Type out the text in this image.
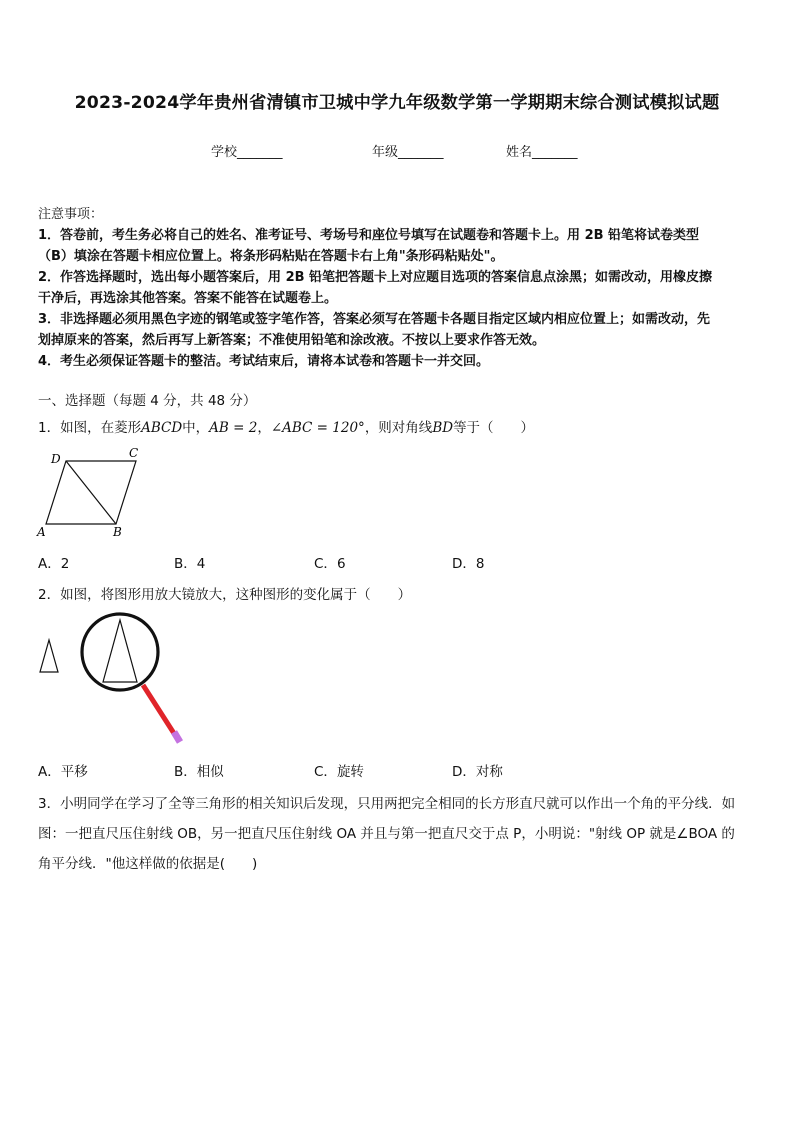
2023-2024学年贵州省清镇市卫城中学九年级数学第一学期期末综合测试模拟试题
学校_______	年级_______	姓名_______
注意事项：
1．答卷前，考生务必将自己的姓名、准考证号、考场号和座位号填写在试题卷和答题卡上。用 2B 铅笔将试卷类型
（B）填涂在答题卡相应位置上。将条形码粘贴在答题卡右上角"条形码粘贴处"。
2．作答选择题时，选出每小题答案后，用 2B 铅笔把答题卡上对应题目选项的答案信息点涂黑；如需改动，用橡皮擦
干净后，再选涂其他答案。答案不能答在试题卷上。
3．非选择题必须用黑色字迹的钢笔或签字笔作答，答案必须写在答题卡各题目指定区域内相应位置上；如需改动，先
划掉原来的答案，然后再写上新答案；不准使用铅笔和涂改液。不按以上要求作答无效。
4．考生必须保证答题卡的整洁。考试结束后，请将本试卷和答题卡一并交回。
一、选择题（每题 4 分，共 48 分）
1．如图，在菱形ABCD中，AB = 2，∠ABC = 120°，则对角线BD等于（　　）
A	B
C
D
A．2	B．4	C．6	D．8
2．如图，将图形用放大镜放大，这种图形的变化属于（　　）
A．平移	B．相似	C．旋转	D．对称
3．小明同学在学习了全等三角形的相关知识后发现，只用两把完全相同的长方形直尺就可以作出一个角的平分线．如
图：一把直尺压住射线 OB，另一把直尺压住射线 OA 并且与第一把直尺交于点 P，小明说："射线 OP 就是∠BOA 的
角平分线．"他这样做的依据是(　　)
